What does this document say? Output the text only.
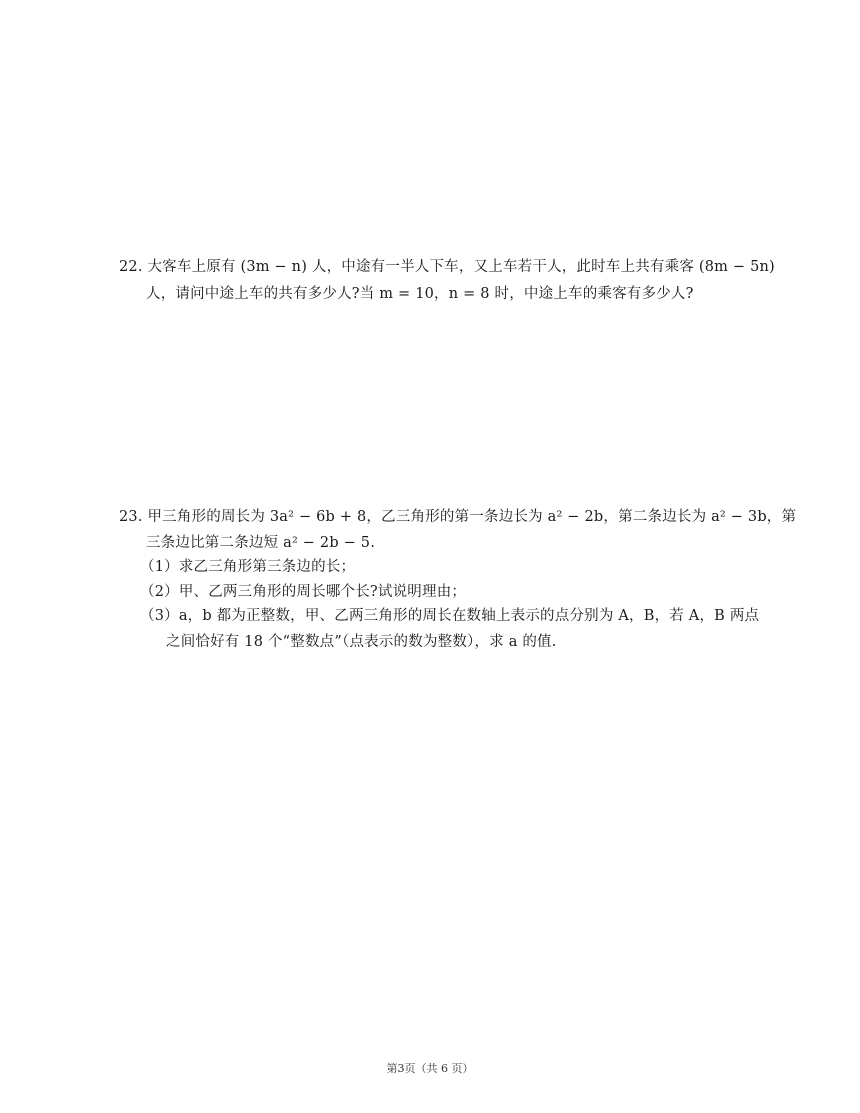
22. 大客车上原有 (3m − n) 人，中途有一半人下车，又上车若干人，此时车上共有乘客 (8m − 5n)
人，请问中途上车的共有多少人?当 m = 10，n = 8 时，中途上车的乘客有多少人?
23. 甲三角形的周长为 3a² − 6b + 8，乙三角形的第一条边长为 a² − 2b，第二条边长为 a² − 3b，第
三条边比第二条边短 a² − 2b − 5.
（1）求乙三角形第三条边的长；
（2）甲、乙两三角形的周长哪个长?试说明理由；
（3）a，b 都为正整数，甲、乙两三角形的周长在数轴上表示的点分别为 A，B，若 A，B 两点
之间恰好有 18 个“整数点”（点表示的数为整数），求 a 的值.
第3页（共 6 页）
